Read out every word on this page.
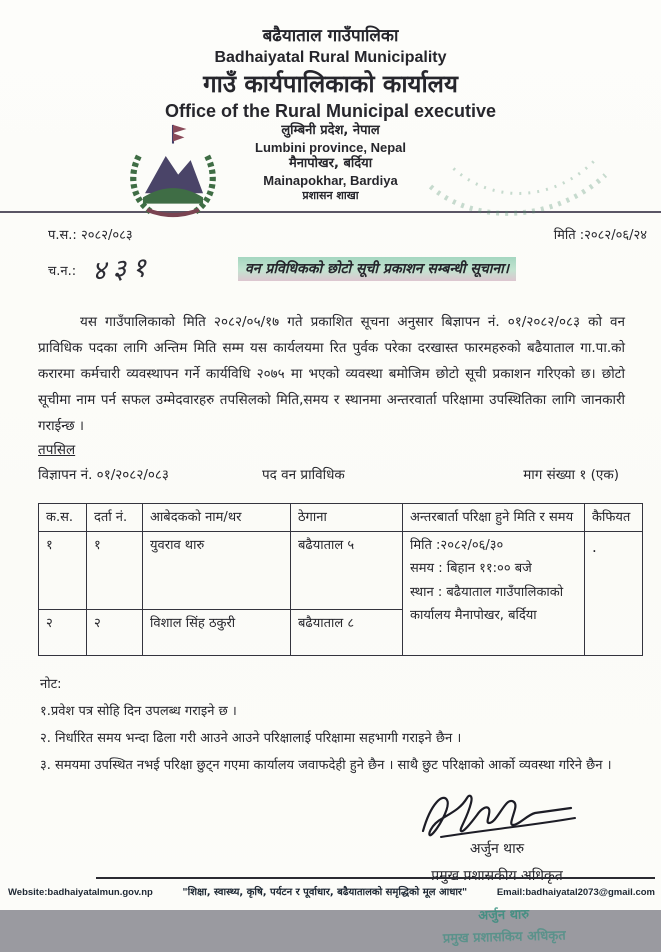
बढैयाताल गाउँपालिका
Badhaiyatal Rural Municipality
गाउँ कार्यपालिकाको कार्यालय
Office of the Rural Municipal executive
लुम्बिनी प्रदेश, नेपाल
Lumbini province, Nepal
मैनापोखर, बर्दिया
Mainapokhar, Bardiya
प्रशासन शाखा
प.स.: २०८२/०८३	मिति :२०८२/०६/२४
च.न.: ४३१	वन प्रविधिकको छोटो सूची प्रकाशन सम्बन्धी सूचाना।

यस गाउँपालिकाको मिति २०८२/०५/१७ गते प्रकाशित सूचना अनुसार बिज्ञापन नं. ०१/२०८२/०८३ को वन प्राविधिक पदका लागि अन्तिम मिति सम्म यस कार्यलयमा रित पुर्वक परेका दरखास्त फारमहरुको बढैयाताल गा.पा.को करारमा कर्मचारी व्यवस्थापन गर्ने कार्यविधि २०७५ मा भएको व्यवस्था बमोजिम छोटो सूची प्रकाशन गरिएको छ। छोटो सूचीमा नाम पर्न सफल उम्मेदवारहरु तपसिलको मिति,समय र स्थानमा अन्तरवार्ता परिक्षामा उपस्थितिका लागि जानकारी गराईन्छ ।

तपसिल
विज्ञापन नं. ०१/२०८२/०८३	पद वन प्राविधिक	माग संख्या १ (एक)
क.स.	दर्ता नं.	आबेदकको नाम/थर	ठेगाना	अन्तरबार्ता परिक्षा हुने मिति र समय	कैफियत
१	१	युवराव थारु	बढैयाताल ५	मिति :२०८२/०६/३०
समय : बिहान ११:०० बजे
स्थान : बढैयाताल गाउँपालिकाको
कार्यालय मैनापोखर, बर्दिया	.
२	२	विशाल सिंह ठकुरी	बढैयाताल ८		
नोट:
१.प्रवेश पत्र सोहि दिन उपलब्ध गराइने छ ।
२. निर्धारित समय भन्दा ढिला गरी आउने आउने परिक्षालाई परिक्षामा सहभागी गराइने छैन ।
३. समयमा उपस्थित नभई परिक्षा छुट्न गएमा कार्यालय जवाफदेही हुने छैन । साथै छुट परिक्षाको आर्को व्यवस्था गरिने छैन ।
अर्जुन थारु
प्रमुख प्रशासकीय अधिकृत
अर्जुन थारु
प्रमुख प्रशासकिय अधिकृत
Website:badhaiyatalmun.gov.np	"शिक्षा, स्वास्थ्य, कृषि, पर्यटन र पूर्वाधार, बढैयातालको समृद्धिको मूल आधार"	Email:badhaiyatal2073@gmail.com
